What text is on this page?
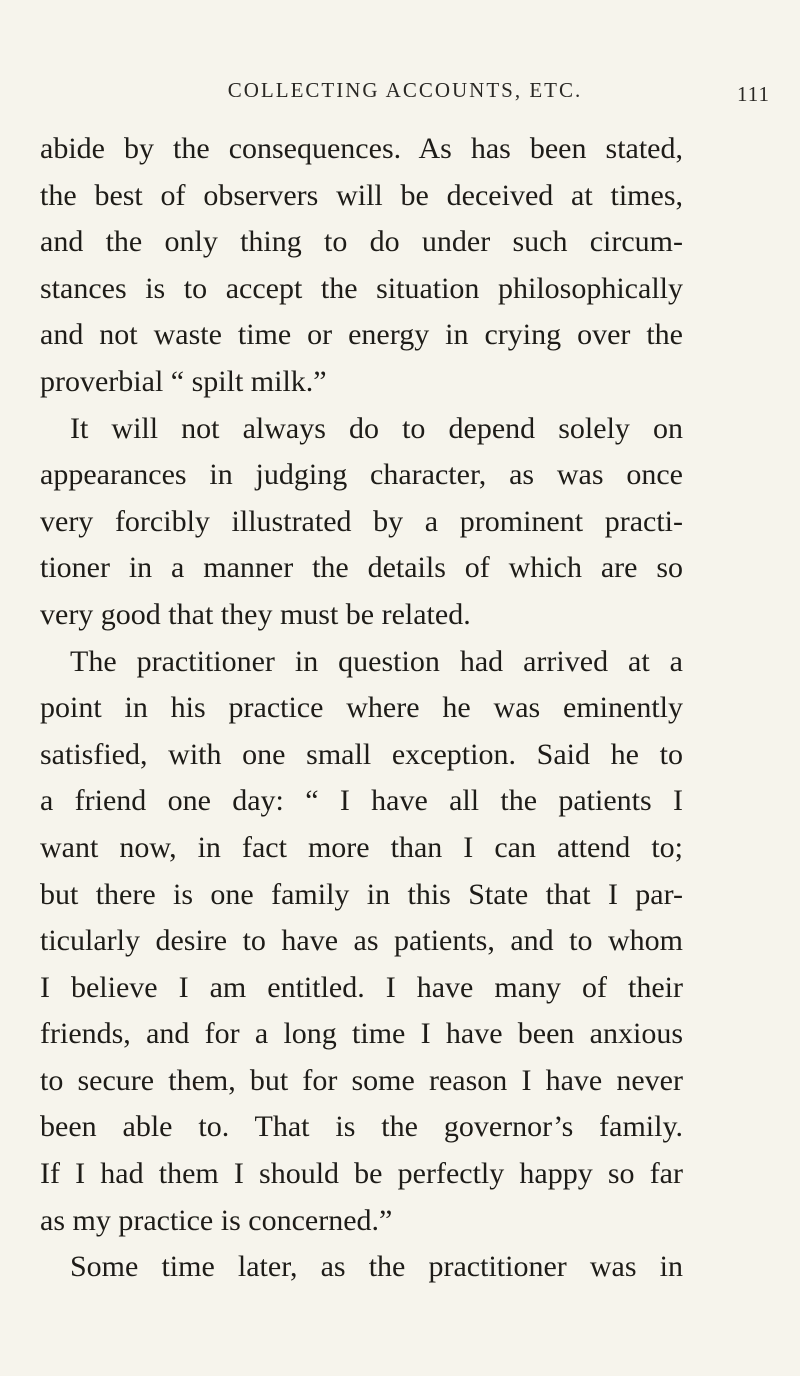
COLLECTING ACCOUNTS, ETC.	111
abide by the consequences. As has been stated,
the best of observers will be deceived at times,
and the only thing to do under such circum-
stances is to accept the situation philosophically
and not waste time or energy in crying over the
proverbial “ spilt milk.”
It will not always do to depend solely on
appearances in judging character, as was once
very forcibly illustrated by a prominent practi-
tioner in a manner the details of which are so
very good that they must be related.
The practitioner in question had arrived at a
point in his practice where he was eminently
satisfied, with one small exception. Said he to
a friend one day: “ I have all the patients I
want now, in fact more than I can attend to;
but there is one family in this State that I par-
ticularly desire to have as patients, and to whom
I believe I am entitled. I have many of their
friends, and for a long time I have been anxious
to secure them, but for some reason I have never
been able to. That is the governor’s family.
If I had them I should be perfectly happy so far
as my practice is concerned.”
Some time later, as the practitioner was in
